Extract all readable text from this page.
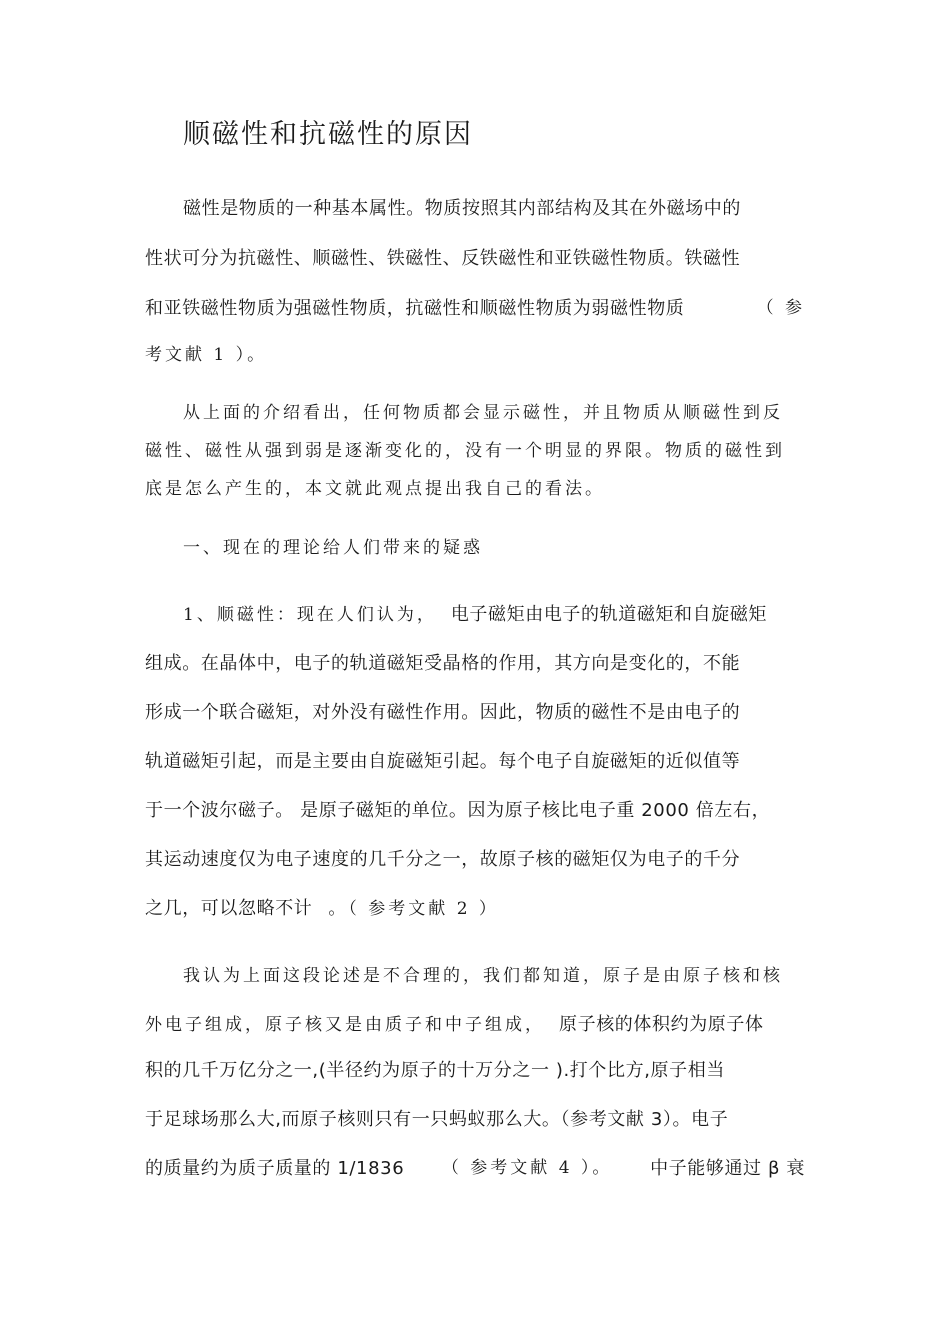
顺磁性和抗磁性的原因

磁性是物质的一种基本属性。物质按照其内部结构及其在外磁场中的

性状可分为抗磁性、顺磁性、铁磁性、反铁磁性和亚铁磁性物质。铁磁性

和亚铁磁性物质为强磁性物质，抗磁性和顺磁性物质为弱磁性物质	（ 参

考文献 1 ）。

从上面的介绍看出，任何物质都会显示磁性，并且物质从顺磁性到反

磁性、磁性从强到弱是逐渐变化的，没有一个明显的界限。物质的磁性到

底是怎么产生的，本文就此观点提出我自己的看法。

一、现在的理论给人们带来的疑惑

1、顺磁性：现在人们认为， 电子磁矩由电子的轨道磁矩和自旋磁矩

组成。在晶体中，电子的轨道磁矩受晶格的作用，其方向是变化的，不能

形成一个联合磁矩，对外没有磁性作用。因此，物质的磁性不是由电子的

轨道磁矩引起，而是主要由自旋磁矩引起。每个电子自旋磁矩的近似值等

于一个波尔磁子。 是原子磁矩的单位。因为原子核比电子重 2000 倍左右，

其运动速度仅为电子速度的几千分之一，故原子核的磁矩仅为电子的千分

之几，可以忽略不计 。（ 参考文献 2 ）

我认为上面这段论述是不合理的，我们都知道，原子是由原子核和核

外电子组成，原子核又是由质子和中子组成， 原子核的体积约为原子体

积的几千万亿分之一,(半径约为原子的十万分之一 ).打个比方,原子相当

于足球场那么大,而原子核则只有一只蚂蚁那么大。（参考文献 3）。电子

的质量约为质子质量的 1/1836 （ 参考文献 4 ）。 中子能够通过 β 衰
